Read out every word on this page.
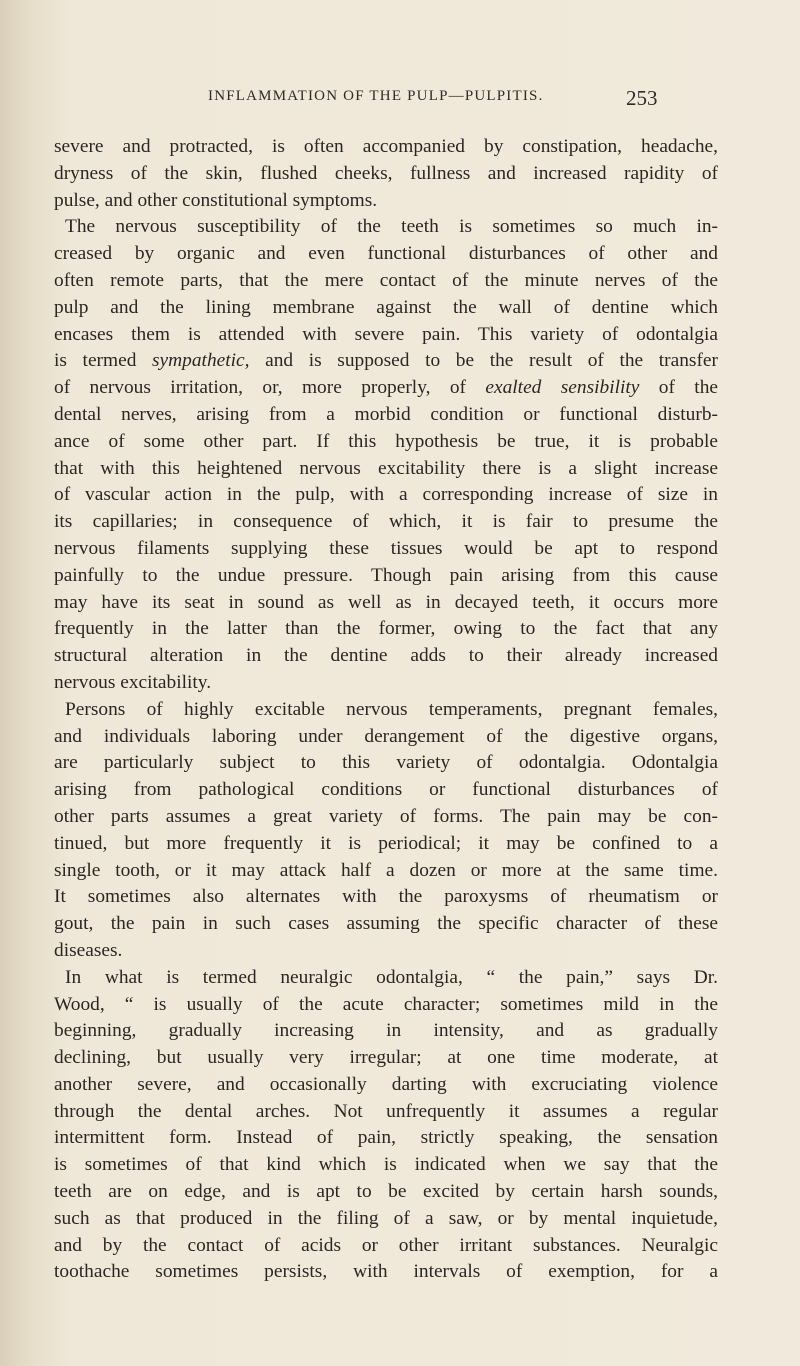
INFLAMMATION OF THE PULP—PULPITIS.	253
severe and protracted, is often accompanied by constipation, headache,
dryness of the skin, flushed cheeks, fullness and increased rapidity of
pulse, and other constitutional symptoms.
The nervous susceptibility of the teeth is sometimes so much in-
creased by organic and even functional disturbances of other and
often remote parts, that the mere contact of the minute nerves of the
pulp and the lining membrane against the wall of dentine which
encases them is attended with severe pain. This variety of odontalgia
is termed sympathetic, and is supposed to be the result of the transfer
of nervous irritation, or, more properly, of exalted sensibility of the
dental nerves, arising from a morbid condition or functional disturb-
ance of some other part. If this hypothesis be true, it is probable
that with this heightened nervous excitability there is a slight increase
of vascular action in the pulp, with a corresponding increase of size in
its capillaries; in consequence of which, it is fair to presume the
nervous filaments supplying these tissues would be apt to respond
painfully to the undue pressure. Though pain arising from this cause
may have its seat in sound as well as in decayed teeth, it occurs more
frequently in the latter than the former, owing to the fact that any
structural alteration in the dentine adds to their already increased
nervous excitability.
Persons of highly excitable nervous temperaments, pregnant females,
and individuals laboring under derangement of the digestive organs,
are particularly subject to this variety of odontalgia. Odontalgia
arising from pathological conditions or functional disturbances of
other parts assumes a great variety of forms. The pain may be con-
tinued, but more frequently it is periodical; it may be confined to a
single tooth, or it may attack half a dozen or more at the same time.
It sometimes also alternates with the paroxysms of rheumatism or
gout, the pain in such cases assuming the specific character of these
diseases.
In what is termed neuralgic odontalgia, “ the pain,” says Dr.
Wood, “ is usually of the acute character; sometimes mild in the
beginning, gradually increasing in intensity, and as gradually
declining, but usually very irregular; at one time moderate, at
another severe, and occasionally darting with excruciating violence
through the dental arches. Not unfrequently it assumes a regular
intermittent form. Instead of pain, strictly speaking, the sensation
is sometimes of that kind which is indicated when we say that the
teeth are on edge, and is apt to be excited by certain harsh sounds,
such as that produced in the filing of a saw, or by mental inquietude,
and by the contact of acids or other irritant substances. Neuralgic
toothache sometimes persists, with intervals of exemption, for a
